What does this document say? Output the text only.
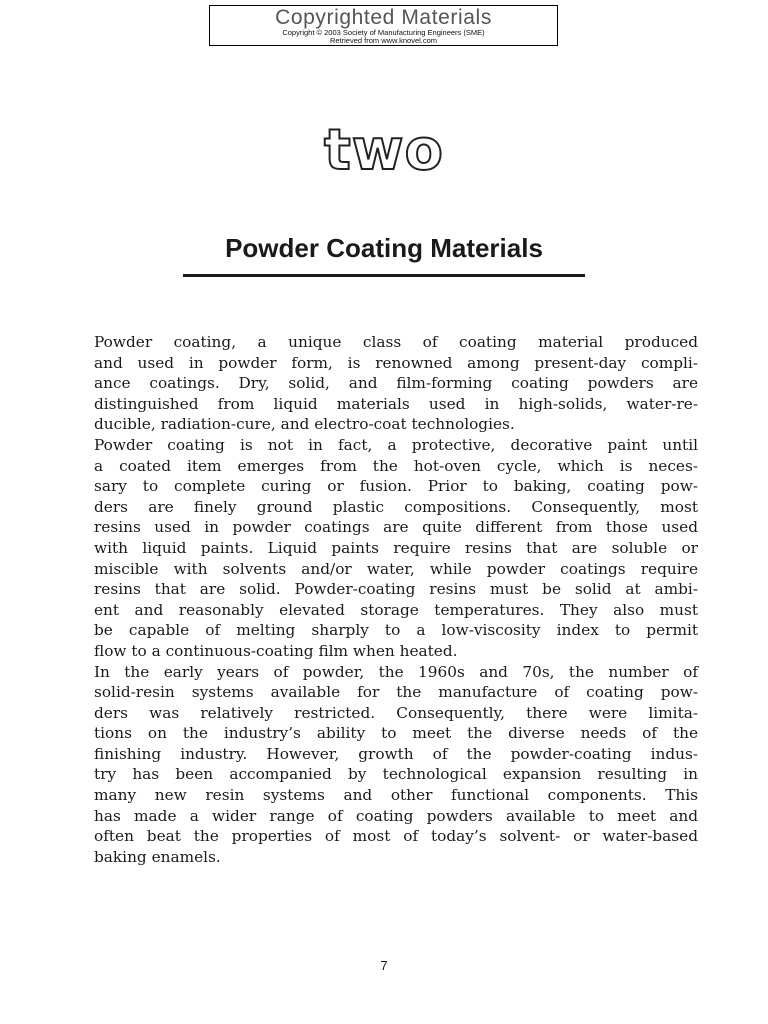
Copyrighted Materials
Copyright © 2003 Society of Manufacturing Engineers (SME)
Retrieved from www.knovel.com
two
Powder Coating Materials
Powder coating, a unique class of coating material produced
and used in powder form, is renowned among present-day compli-
ance coatings. Dry, solid, and film-forming coating powders are
distinguished from liquid materials used in high-solids, water-re-
ducible, radiation-cure, and electro-coat technologies.
Powder coating is not in fact, a protective, decorative paint until
a coated item emerges from the hot-oven cycle, which is neces-
sary to complete curing or fusion. Prior to baking, coating pow-
ders are finely ground plastic compositions. Consequently, most
resins used in powder coatings are quite different from those used
with liquid paints. Liquid paints require resins that are soluble or
miscible with solvents and/or water, while powder coatings require
resins that are solid. Powder-coating resins must be solid at ambi-
ent and reasonably elevated storage temperatures. They also must
be capable of melting sharply to a low-viscosity index to permit
flow to a continuous-coating film when heated.
In the early years of powder, the 1960s and 70s, the number of
solid-resin systems available for the manufacture of coating pow-
ders was relatively restricted. Consequently, there were limita-
tions on the industry’s ability to meet the diverse needs of the
finishing industry. However, growth of the powder-coating indus-
try has been accompanied by technological expansion resulting in
many new resin systems and other functional components. This
has made a wider range of coating powders available to meet and
often beat the properties of most of today’s solvent- or water-based
baking enamels.
7
